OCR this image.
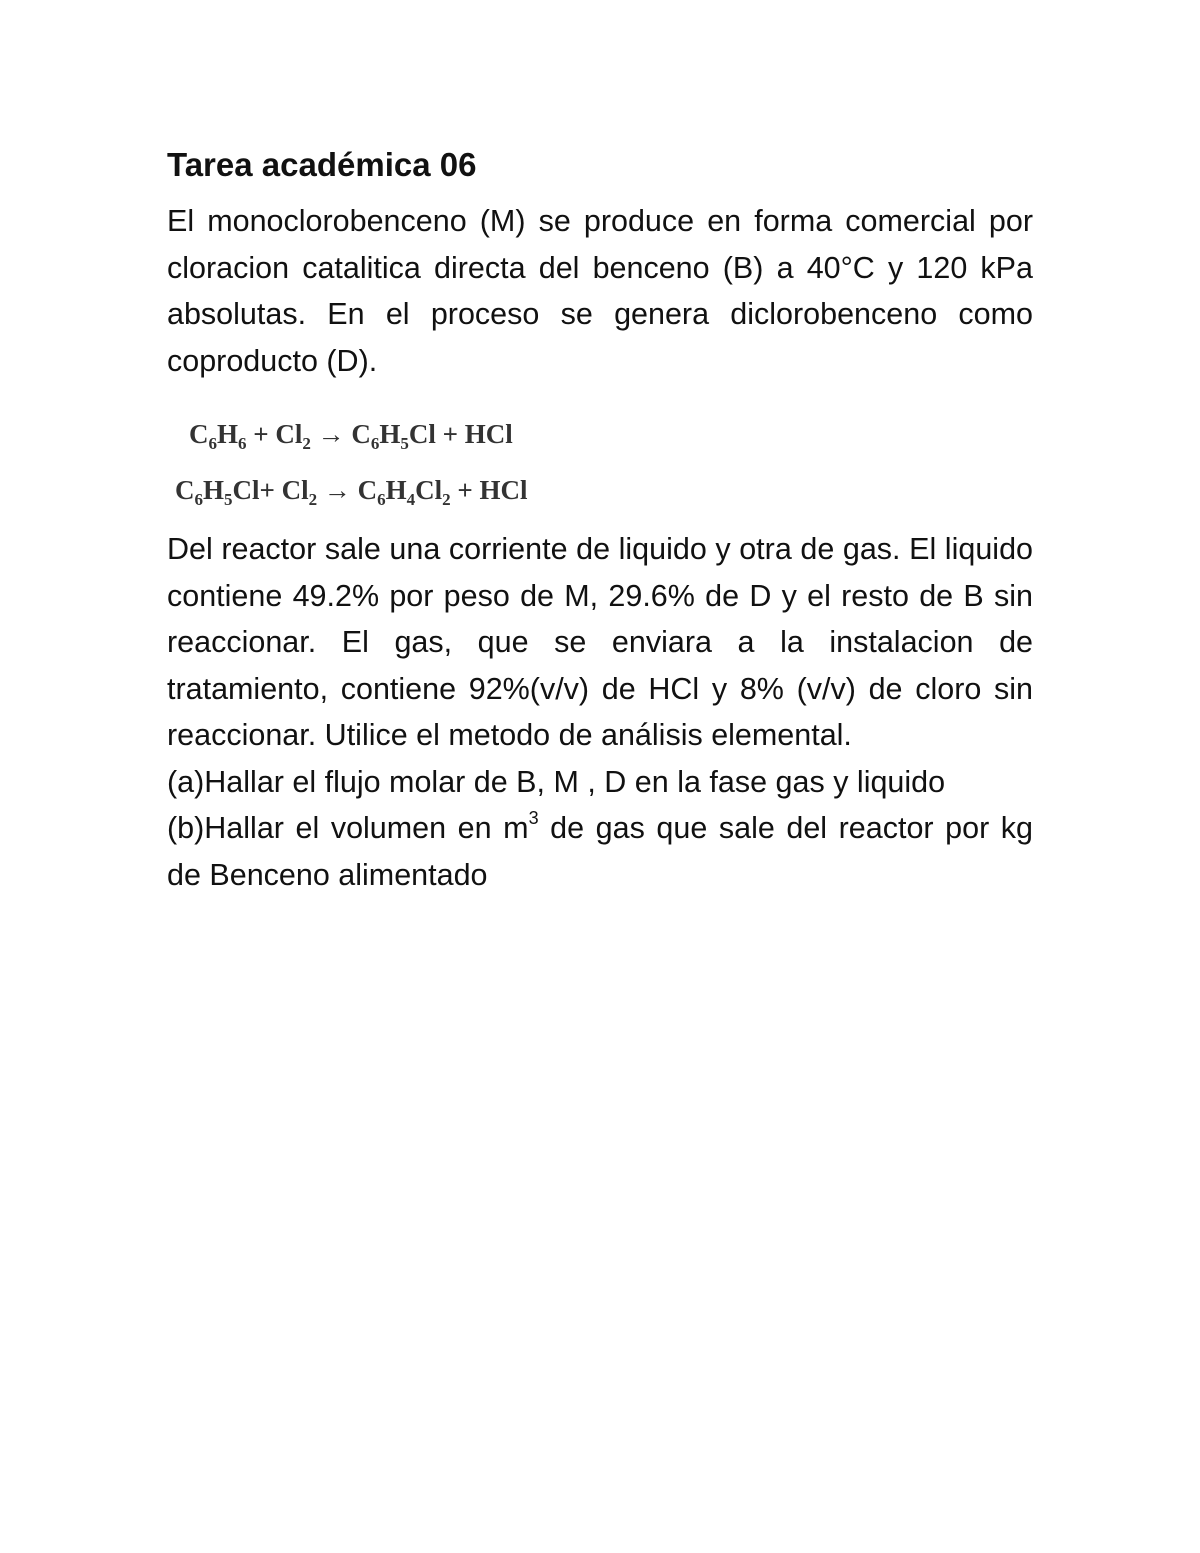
Tarea académica 06

El monoclorobenceno (M) se produce en forma comercial por cloracion catalitica directa del benceno (B) a 40°C y 120 kPa absolutas. En el proceso se genera diclorobenceno como coproducto (D).

$C_6H_6 + Cl_2 \to C_6H_5Cl$ + HCl
$C_6H_5Cl+ Cl_2 \to C_6H_4Cl_2$ + HCl

Del reactor sale una corriente de liquido y otra de gas. El liquido contiene 49.2% por peso de M, 29.6% de D y el resto de B sin reaccionar. El gas, que se enviara a la instalacion de tratamiento, contiene 92%(v/v) de HCl y 8% (v/v) de cloro sin reaccionar. Utilice el metodo de análisis elemental.

(a)Hallar el flujo molar de B, M , D en la fase gas y liquido

(b)Hallar el volumen en $m^3$ de gas que sale del reactor por kg de Benceno alimentado
